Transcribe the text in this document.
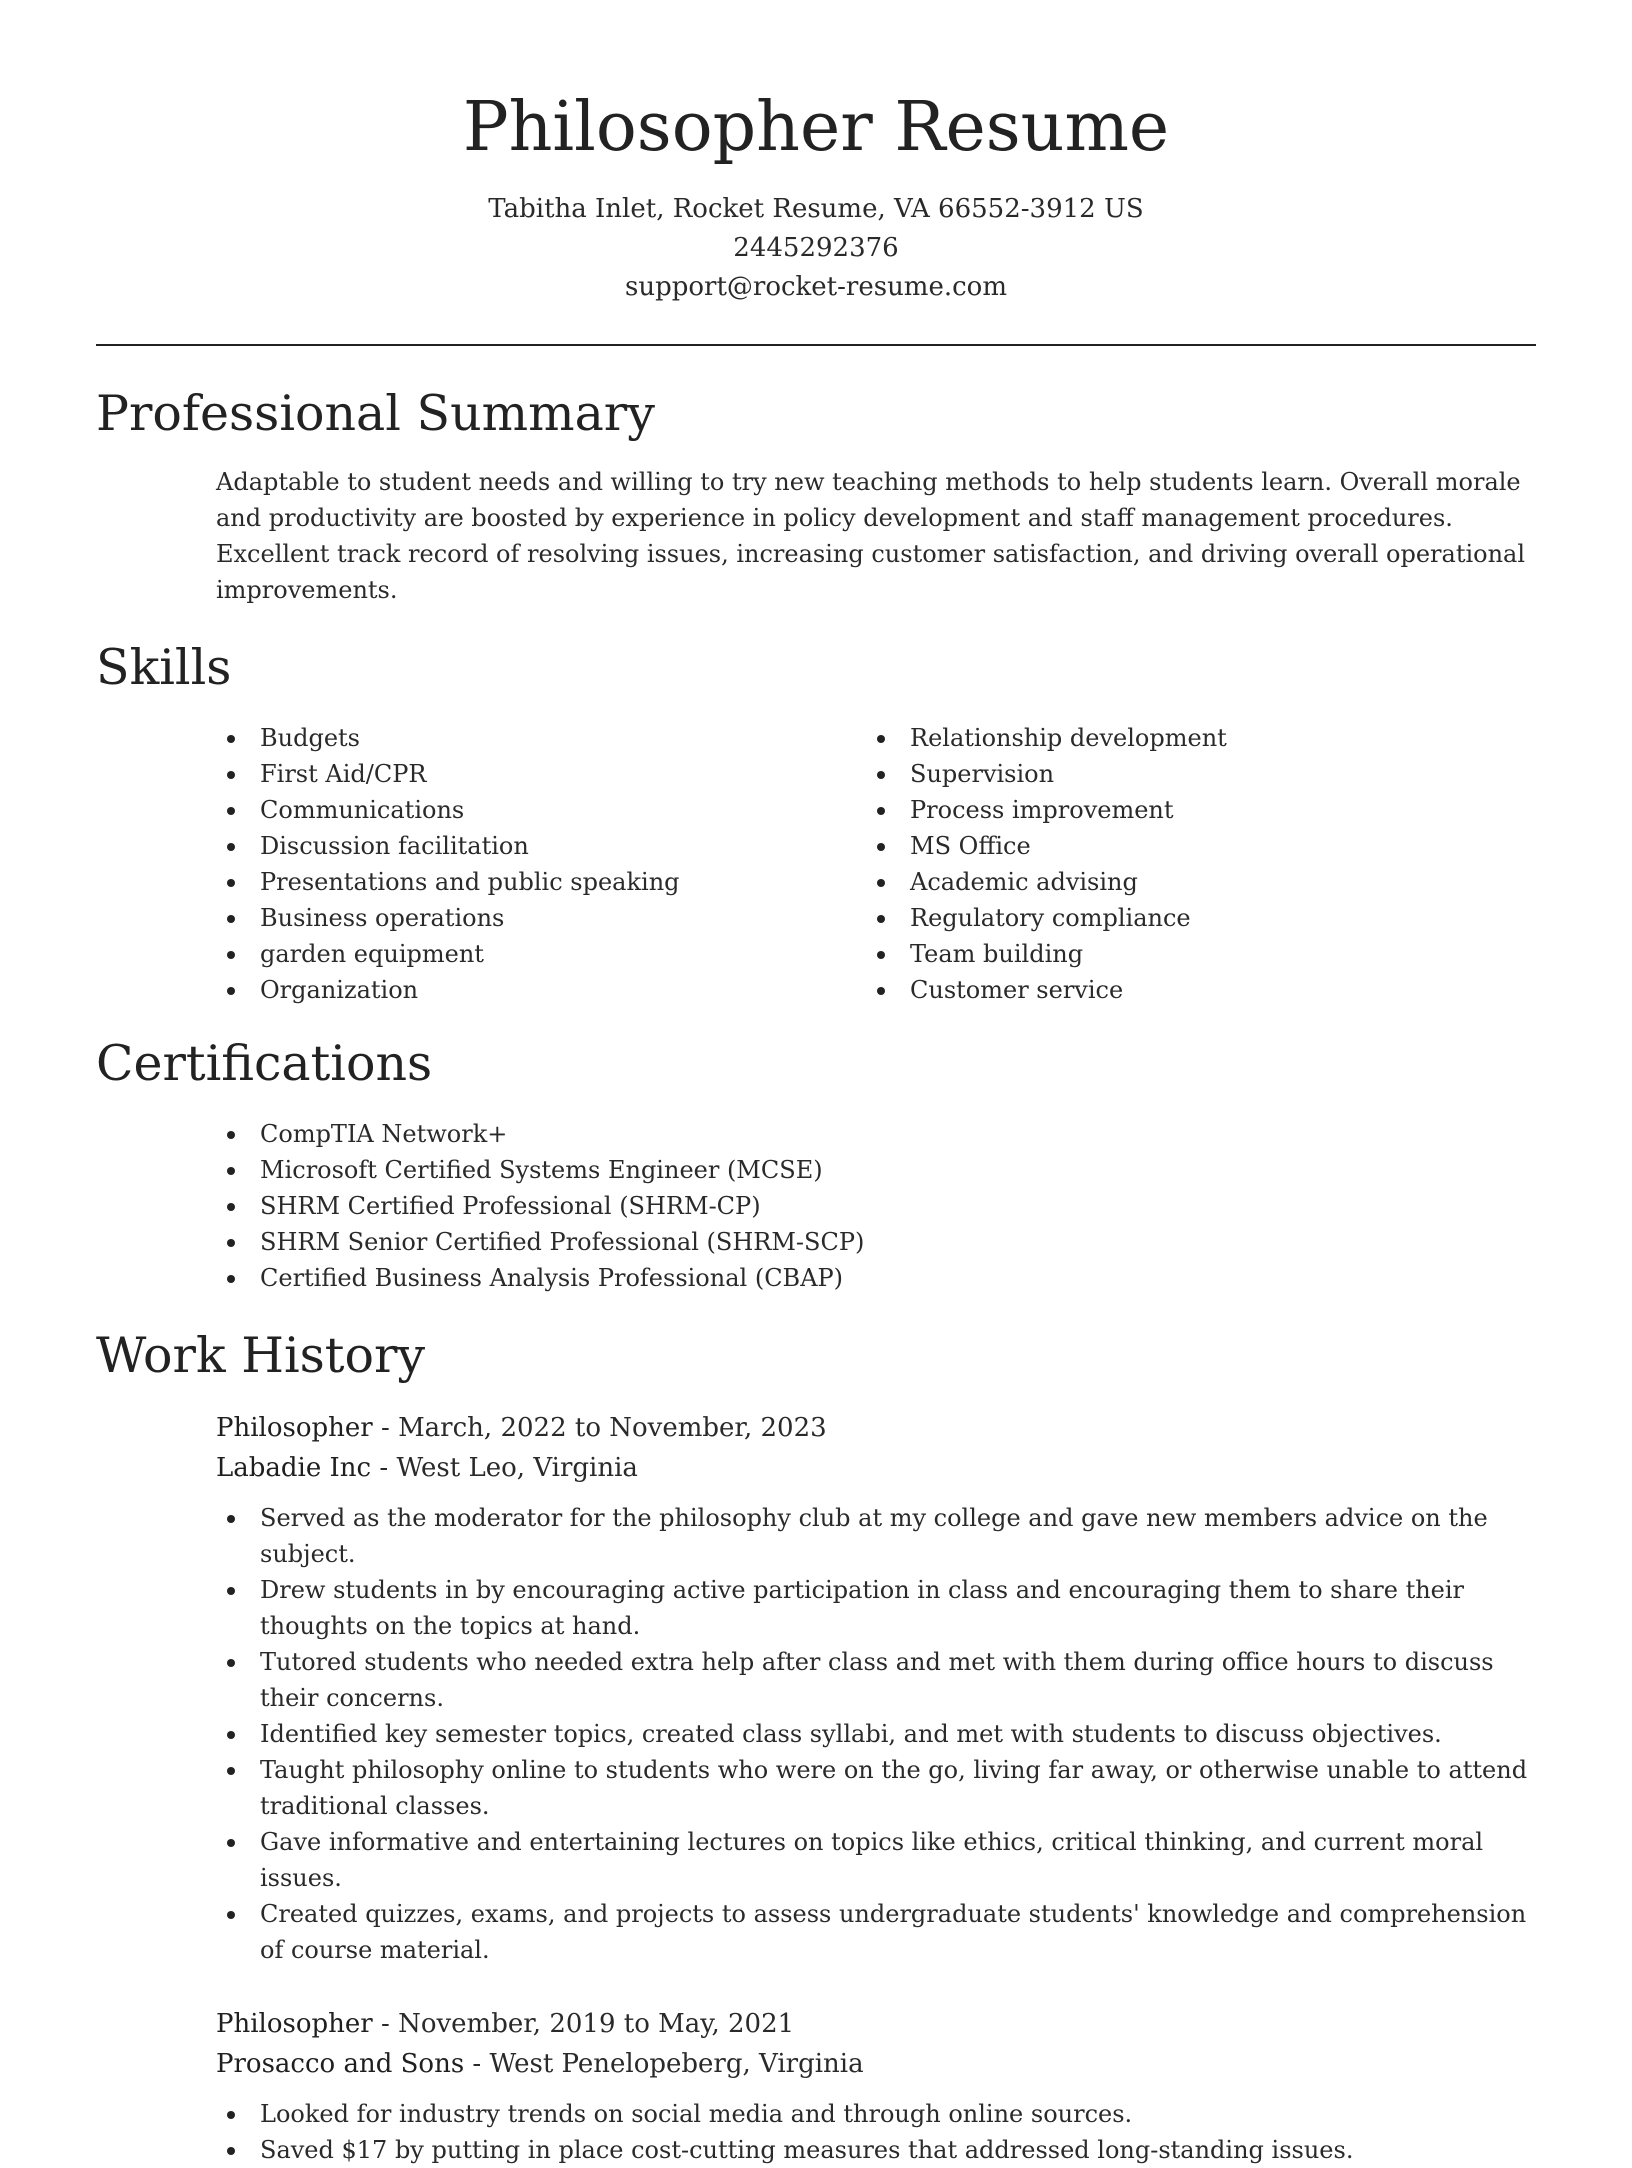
Philosopher Resume
Tabitha Inlet, Rocket Resume, VA 66552-3912 US
2445292376
support@rocket-resume.com
Professional Summary

Adaptable to student needs and willing to try new teaching methods to help students learn. Overall morale and productivity are boosted by experience in policy development and staff management procedures. Excellent track record of resolving issues, increasing customer satisfaction, and driving overall operational improvements.

Skills
Budgets
First Aid/CPR
Communications
Discussion facilitation
Presentations and public speaking
Business operations
garden equipment
Organization
Relationship development
Supervision
Process improvement
MS Office
Academic advising
Regulatory compliance
Team building
Customer service
Certifications
CompTIA Network+
Microsoft Certified Systems Engineer (MCSE)
SHRM Certified Professional (SHRM-CP)
SHRM Senior Certified Professional (SHRM-SCP)
Certified Business Analysis Professional (CBAP)
Work History
Philosopher - March, 2022 to November, 2023
Labadie Inc - West Leo, Virginia
Served as the moderator for the philosophy club at my college and gave new members advice on the subject.
Drew students in by encouraging active participation in class and encouraging them to share their thoughts on the topics at hand.
Tutored students who needed extra help after class and met with them during office hours to discuss their concerns.
Identified key semester topics, created class syllabi, and met with students to discuss objectives.
Taught philosophy online to students who were on the go, living far away, or otherwise unable to attend traditional classes.
Gave informative and entertaining lectures on topics like ethics, critical thinking, and current moral issues.
Created quizzes, exams, and projects to assess undergraduate students' knowledge and comprehension of course material.
Philosopher - November, 2019 to May, 2021
Prosacco and Sons - West Penelopeberg, Virginia
Looked for industry trends on social media and through online sources.
Saved $17 by putting in place cost-cutting measures that addressed long-standing issues.
